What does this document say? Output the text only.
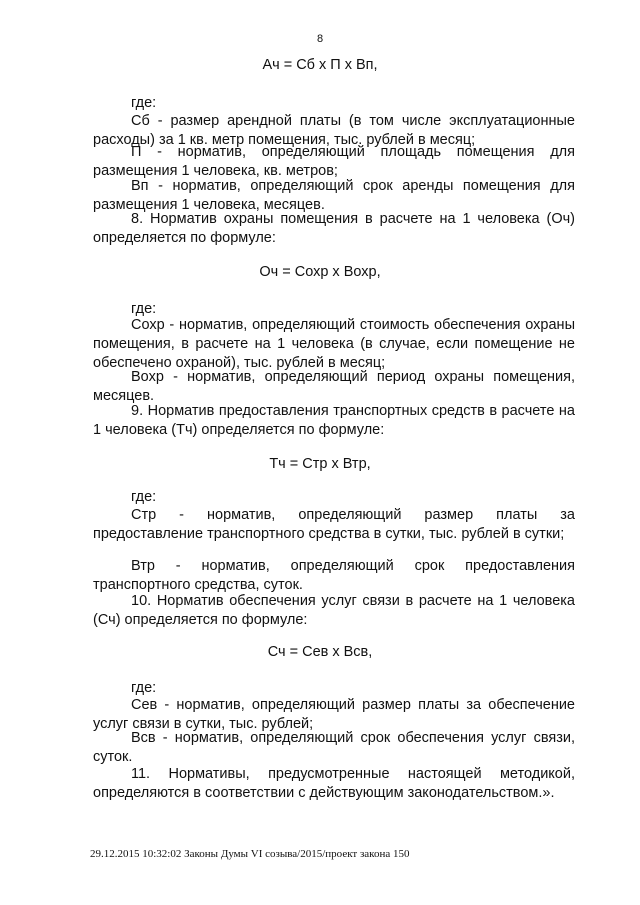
8
Ач = Сб х П х Вп,
где:

Сб - размер арендной платы (в том числе эксплуатационные расходы) за 1 кв. метр помещения, тыс. рублей в месяц;

П - норматив, определяющий площадь помещения для размещения 1 человека, кв. метров;

Вп - норматив, определяющий срок аренды помещения для размещения 1 человека, месяцев.

8. Норматив охраны помещения в расчете на 1 человека (Оч) определяется по формуле:

Оч = Сохр х Вохр,
где:

Сохр - норматив, определяющий стоимость обеспечения охраны помещения, в расчете на 1 человека (в случае, если помещение не обеспечено охраной), тыс. рублей в месяц;

Вохр - норматив, определяющий период охраны помещения, месяцев.

9. Норматив предоставления транспортных средств в расчете на 1 человека (Тч) определяется по формуле:

Тч = Стр х Втр,
где:

Стр - норматив, определяющий размер платы за предоставление транспортного средства в сутки, тыс. рублей в сутки;

Втр - норматив, определяющий срок предоставления транспортного средства, суток.

10. Норматив обеспечения услуг связи в расчете на 1 человека (Сч) определяется по формуле:

Сч = Сев х Всв,
где:

Сев - норматив, определяющий размер платы за обеспечение услуг связи в сутки, тыс. рублей;

Всв - норматив, определяющий срок обеспечения услуг связи, суток.

11. Нормативы, предусмотренные настоящей методикой, определяются в соответствии с действующим законодательством.».

29.12.2015 10:32:02 Законы Думы VI созыва/2015/проект закона 150
